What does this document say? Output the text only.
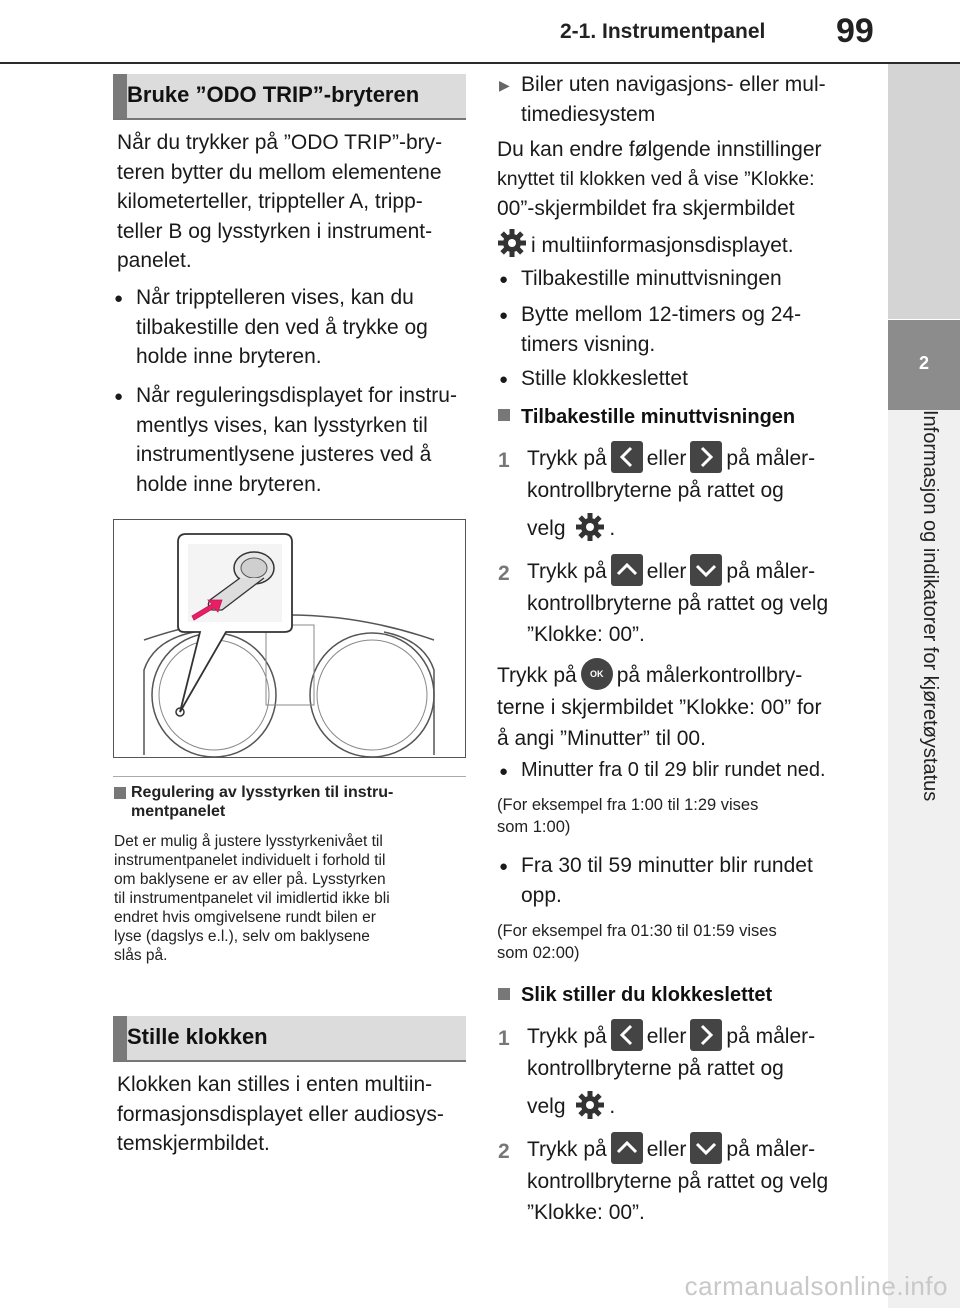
2-1. Instrumentpanel 99
2
Informasjon og indikatorer for kjøretøystatus
Bruke ”ODO TRIP”-bryteren
Når du trykker på ”ODO TRIP”-bry-
teren bytter du mellom elementene
kilometerteller, trippteller A, tripp-
teller B og lysstyrken i instrument-
panelet.
● Når tripptelleren vises, kan du
tilbakestille den ved å trykke og
holde inne bryteren.
● Når reguleringsdisplayet for instru-
mentlys vises, kan lysstyrken til
instrumentlysene justeres ved å
holde inne bryteren.
Regulering av lysstyrken til instru-
mentpanelet
Det er mulig å justere lysstyrkenivået til
instrumentpanelet individuelt i forhold til
om baklysene er av eller på. Lysstyrken
til instrumentpanelet vil imidlertid ikke bli
endret hvis omgivelsene rundt bilen er
lyse (dagslys e.l.), selv om baklysene
slås på.
Stille klokken
Klokken kan stilles i enten multiin-
formasjonsdisplayet eller audiosys-
temskjermbildet.
▶ Biler uten navigasjons- eller mul-
timediesystem
Du kan endre følgende innstillinger
knyttet til klokken ved å vise ”Klokke:
00”-skjermbildet fra skjermbildet
i multiinformasjonsdisplayet.
● Tilbakestille minuttvisningen
● Bytte mellom 12-timers og 24-
timers visning.
● Stille klokkeslettet
Tilbakestille minuttvisningen
1 Trykk på eller på måler-
kontrollbryterne på rattet og
velg .
2 Trykk på eller på måler-
kontrollbryterne på rattet og velg
”Klokke: 00”.
Trykk på OK på målerkontrollbry-
terne i skjermbildet ”Klokke: 00” for
å angi ”Minutter” til 00.
● Minutter fra 0 til 29 blir rundet ned.
(For eksempel fra 1:00 til 1:29 vises
som 1:00)
● Fra 30 til 59 minutter blir rundet
opp.
(For eksempel fra 01:30 til 01:59 vises
som 02:00)
Slik stiller du klokkeslettet
1 Trykk på eller på måler-
kontrollbryterne på rattet og
velg .
2 Trykk på eller på måler-
kontrollbryterne på rattet og velg
”Klokke: 00”.
carmanualsonline.info
